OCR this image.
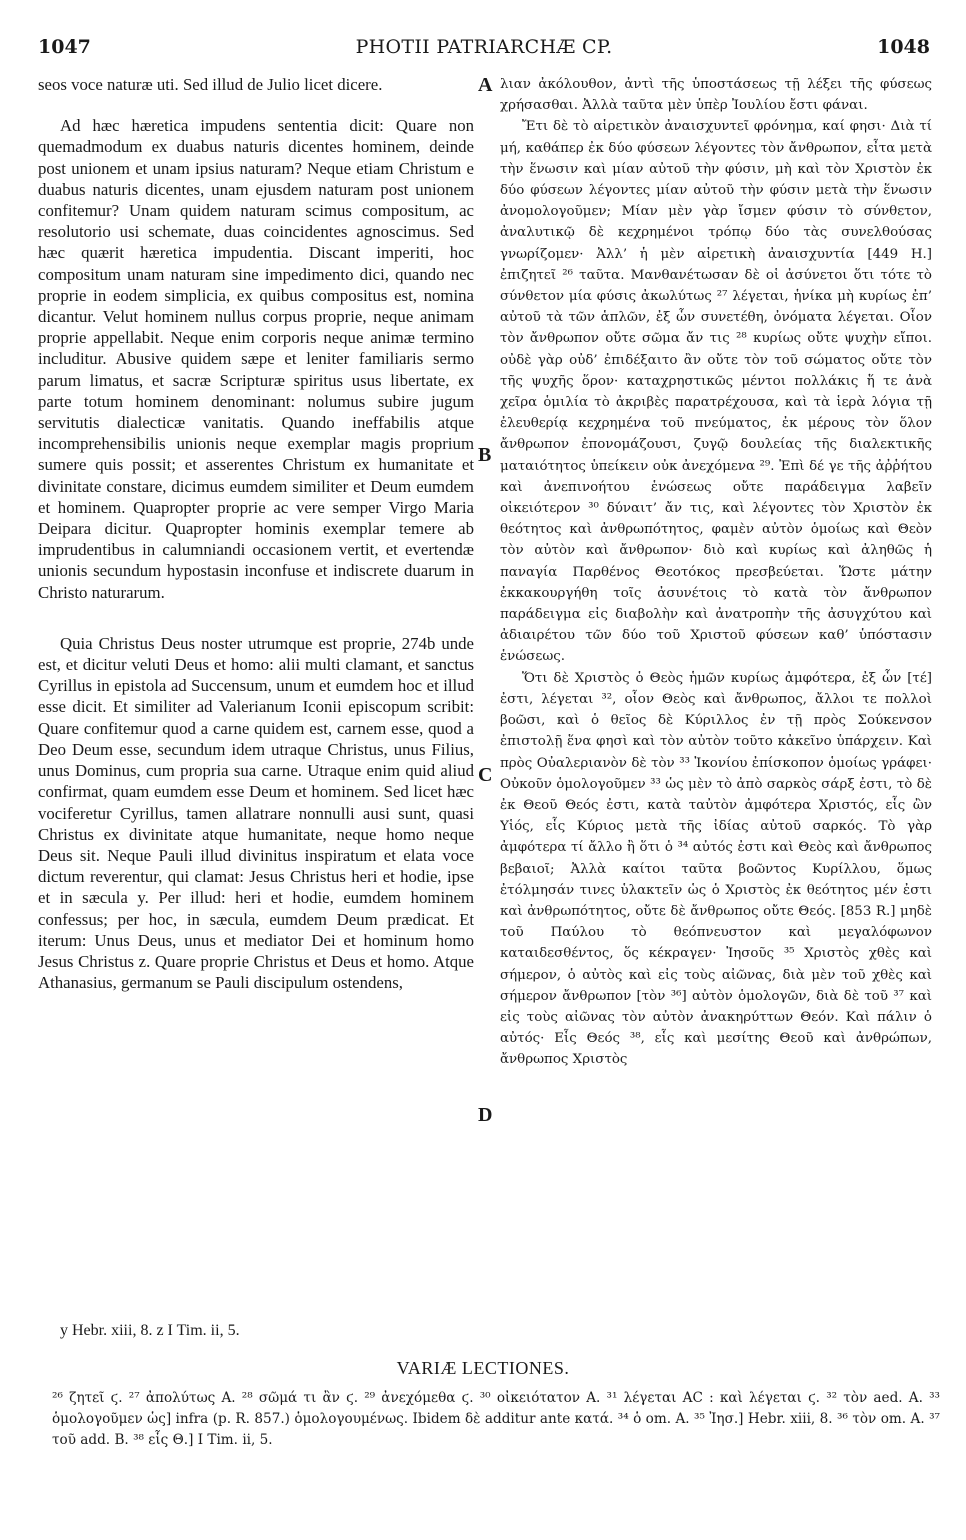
1047	PHOTII PATRIARCHÆ CP.	1048

seos voce naturæ uti. Sed illud de Julio licet dicere.

Ad hæc hæretica impudens sententia dicit: Quare non quemadmodum ex duabus naturis dicentes hominem, deinde post unionem et unam ipsius naturam? Neque etiam Christum e duabus naturis dicentes, unam ejusdem naturam post unionem confitemur? Unam quidem naturam scimus compositum, ac resolutorio usi schemate, duas coincidentes agnoscimus. Sed hæc quærit hæretica impudentia. Discant imperiti, hoc compositum unam naturam sine impedimento dici, quando nec proprie in eodem simplicia, ex quibus compositus est, nomina dicantur. Velut hominem nullus corpus proprie, neque animam proprie appellabit. Neque enim corporis neque animæ termino includitur. Abusive quidem sæpe et leniter familiaris sermo parum limatus, et sacræ Scripturæ spiritus usus libertate, ex parte totum hominem denominant: nolumus subire jugum servitutis dialecticæ vanitatis. Quando ineffabilis atque incomprehensibilis unionis neque exemplar magis proprium sumere quis possit; et asserentes Christum ex humanitate et divinitate constare, dicimus eumdem similiter et Deum eumdem et hominem. Quapropter proprie ac vere semper Virgo Maria Deipara dicitur. Quapropter hominis exemplar temere ab imprudentibus in calumniandi occasionem vertit, et evertendæ unionis secundum hypostasin inconfuse et indiscrete duarum in Christo naturarum.

Quia Christus Deus noster utrumque est proprie, 274b unde est, et dicitur veluti Deus et homo: alii multi clamant, et sanctus Cyrillus in epistola ad Succensum, unum et eumdem hoc et illud esse dicit. Et similiter ad Valerianum Iconii episcopum scribit: Quare confitemur quod a carne quidem est, carnem esse, quod a Deo Deum esse, secundum idem utraque Christus, unus Filius, unus Dominus, cum propria sua carne. Utraque enim quid aliud confirmat, quam eumdem esse Deum et hominem. Sed licet hæc vociferetur Cyrillus, tamen allatrare nonnulli ausi sunt, quasi Christus ex divinitate atque humanitate, neque homo neque Deus sit. Neque Pauli illud divinitus inspiratum et elata voce dictum reverentur, qui clamat: Jesus Christus heri et hodie, ipse et in sæcula y. Per illud: heri et hodie, eumdem hominem confessus; per hoc, in sæcula, eumdem Deum prædicat. Et iterum: Unus Deus, unus et mediator Dei et hominum homo Jesus Christus z. Quare proprie Christus et Deus et homo. Atque Athanasius, germanum se Pauli discipulum ostendens,

λιαν ἀκόλουθον, ἀντὶ τῆς ὑποστάσεως τῇ λέξει τῆς φύσεως χρήσασθαι. Ἀλλὰ ταῦτα μὲν ὑπὲρ Ἰουλίου ἔστι φάναι.

Ἔτι δὲ τὸ αἱρετικὸν ἀναισχυντεῖ φρόνημα, καί φησι· Διὰ τί μή, καθάπερ ἐκ δύο φύσεων λέγοντες τὸν ἄνθρωπον, εἶτα μετὰ τὴν ἕνωσιν καὶ μίαν αὐτοῦ τὴν φύσιν, μὴ καὶ τὸν Χριστὸν ἐκ δύο φύσεων λέγοντες μίαν αὐτοῦ τὴν φύσιν μετὰ τὴν ἕνωσιν ἀνομολογοῦμεν; Μίαν μὲν γὰρ ἴσμεν φύσιν τὸ σύνθετον, ἀναλυτικῷ δὲ κεχρημένοι τρόπῳ δύο τὰς συνελθούσας γνωρίζομεν· Ἀλλ’ ἡ μὲν αἱρετικὴ ἀναισχυντία [449 H.] ἐπιζητεῖ ²⁶ ταῦτα. Μανθανέτωσαν δὲ οἱ ἀσύνετοι ὅτι τότε τὸ σύνθετον μία φύσις ἀκωλύτως ²⁷ λέγεται, ἡνίκα μὴ κυρίως ἐπ’ αὐτοῦ τὰ τῶν ἁπλῶν, ἐξ ὧν συνετέθη, ὀνόματα λέγεται. Οἷον τὸν ἄνθρωπον οὔτε σῶμα ἄν τις ²⁸ κυρίως οὔτε ψυχὴν εἴποι. οὐδὲ γὰρ οὐδ’ ἐπιδέξαιτο ἂν οὔτε τὸν τοῦ σώματος οὔτε τὸν τῆς ψυχῆς ὅρον· καταχρηστικῶς μέντοι πολλάκις ἥ τε ἀνὰ χεῖρα ὁμιλία τὸ ἀκριβὲς παρατρέχουσα, καὶ τὰ ἱερὰ λόγια τῇ ἐλευθερίᾳ κεχρημένα τοῦ πνεύματος, ἐκ μέρους τὸν ὅλον ἄνθρωπον ἐπονομάζουσι, ζυγῷ δουλείας τῆς διαλεκτικῆς ματαιότητος ὑπείκειν οὐκ ἀνεχόμενα ²⁹. Ἐπὶ δέ γε τῆς ἀῤῥήτου καὶ ἀνεπινοήτου ἑνώσεως οὔτε παράδειγμα λαβεῖν οἰκειότερον ³⁰ δύναιτ’ ἄν τις, καὶ λέγοντες τὸν Χριστὸν ἐκ θεότητος καὶ ἀνθρωπότητος, φαμὲν αὐτὸν ὁμοίως καὶ Θεὸν τὸν αὐτὸν καὶ ἄνθρωπον· διὸ καὶ κυρίως καὶ ἀληθῶς ἡ παναγία Παρθένος Θεοτόκος πρεσβεύεται. Ὥστε μάτην ἐκκακουργήθη τοῖς ἀσυνέτοις τὸ κατὰ τὸν ἄνθρωπον παράδειγμα εἰς διαβολὴν καὶ ἀνατροπὴν τῆς ἀσυγχύτου καὶ ἀδιαιρέτου τῶν δύο τοῦ Χριστοῦ φύσεων καθ’ ὑπόστασιν ἑνώσεως.

Ὅτι δὲ Χριστὸς ὁ Θεὸς ἡμῶν κυρίως ἀμφότερα, ἐξ ὧν [τέ] ἐστι, λέγεται ³², οἷον Θεὸς καὶ ἄνθρωπος, ἄλλοι τε πολλοὶ βοῶσι, καὶ ὁ θεῖος δὲ Κύριλλος ἐν τῇ πρὸς Σούκενσον ἐπιστολῇ ἕνα φησὶ καὶ τὸν αὐτὸν τοῦτο κἀκεῖνο ὑπάρχειν. Καὶ πρὸς Οὐαλεριανὸν δὲ τὸν ³³ Ἰκονίου ἐπίσκοπον ὁμοίως γράφει· Οὐκοῦν ὁμολογοῦμεν ³³ ὡς μὲν τὸ ἀπὸ σαρκὸς σάρξ ἐστι, τὸ δὲ ἐκ Θεοῦ Θεός ἐστι, κατὰ ταὐτὸν ἀμφότερα Χριστός, εἷς ὢν Υἱός, εἷς Κύριος μετὰ τῆς ἰδίας αὐτοῦ σαρκός. Τὸ γὰρ ἀμφότερα τί ἄλλο ἢ ὅτι ὁ ³⁴ αὐτός ἐστι καὶ Θεὸς καὶ ἄνθρωπος βεβαιοῖ; Ἀλλὰ καίτοι ταῦτα βοῶντος Κυρίλλου, ὅμως ἐτόλμησάν τινες ὑλακτεῖν ὡς ὁ Χριστὸς ἐκ θεότητος μέν ἐστι καὶ ἀνθρωπότητος, οὔτε δὲ ἄνθρωπος οὔτε Θεός. [853 R.] μηδὲ τοῦ Παύλου τὸ θεόπνευστον καὶ μεγαλόφωνον καταιδεσθέντος, ὅς κέκραγεν· Ἰησοῦς ³⁵ Χριστὸς χθὲς καὶ σήμερον, ὁ αὐτὸς καὶ εἰς τοὺς αἰῶνας, διὰ μὲν τοῦ χθὲς καὶ σήμερον ἄνθρωπον [τὸν ³⁶] αὐτὸν ὁμολογῶν, διὰ δὲ τοῦ ³⁷ καὶ εἰς τοὺς αἰῶνας τὸν αὐτὸν ἀνακηρύττων Θεόν. Καὶ πάλιν ὁ αὐτός· Εἷς Θεός ³⁸, εἷς καὶ μεσίτης Θεοῦ καὶ ἀνθρώπων, ἄνθρωπος Χριστὸς

A
B
C
D
y Hebr. xiii, 8. z I Tim. ii, 5.
VARIÆ LECTIONES.
²⁶ ζητεῖ ϛ. ²⁷ ἀπολύτως A. ²⁸ σῶμά τι ἂν ϛ. ²⁹ ἀνεχόμεθα ϛ. ³⁰ οἰκειότατον A. ³¹ λέγεται AC : καὶ λέγεται ϛ. ³² τὸν aed. A. ³³ ὁμολογοῦμεν ὡς] infra (p. R. 857.) ὁμολογουμένως. Ibidem δὲ additur ante κατά. ³⁴ ὁ om. A. ³⁵ Ἰησ.] Hebr. xiii, 8. ³⁶ τὸν om. A. ³⁷ τοῦ add. B. ³⁸ εἷς Θ.] I Tim. ii, 5.
